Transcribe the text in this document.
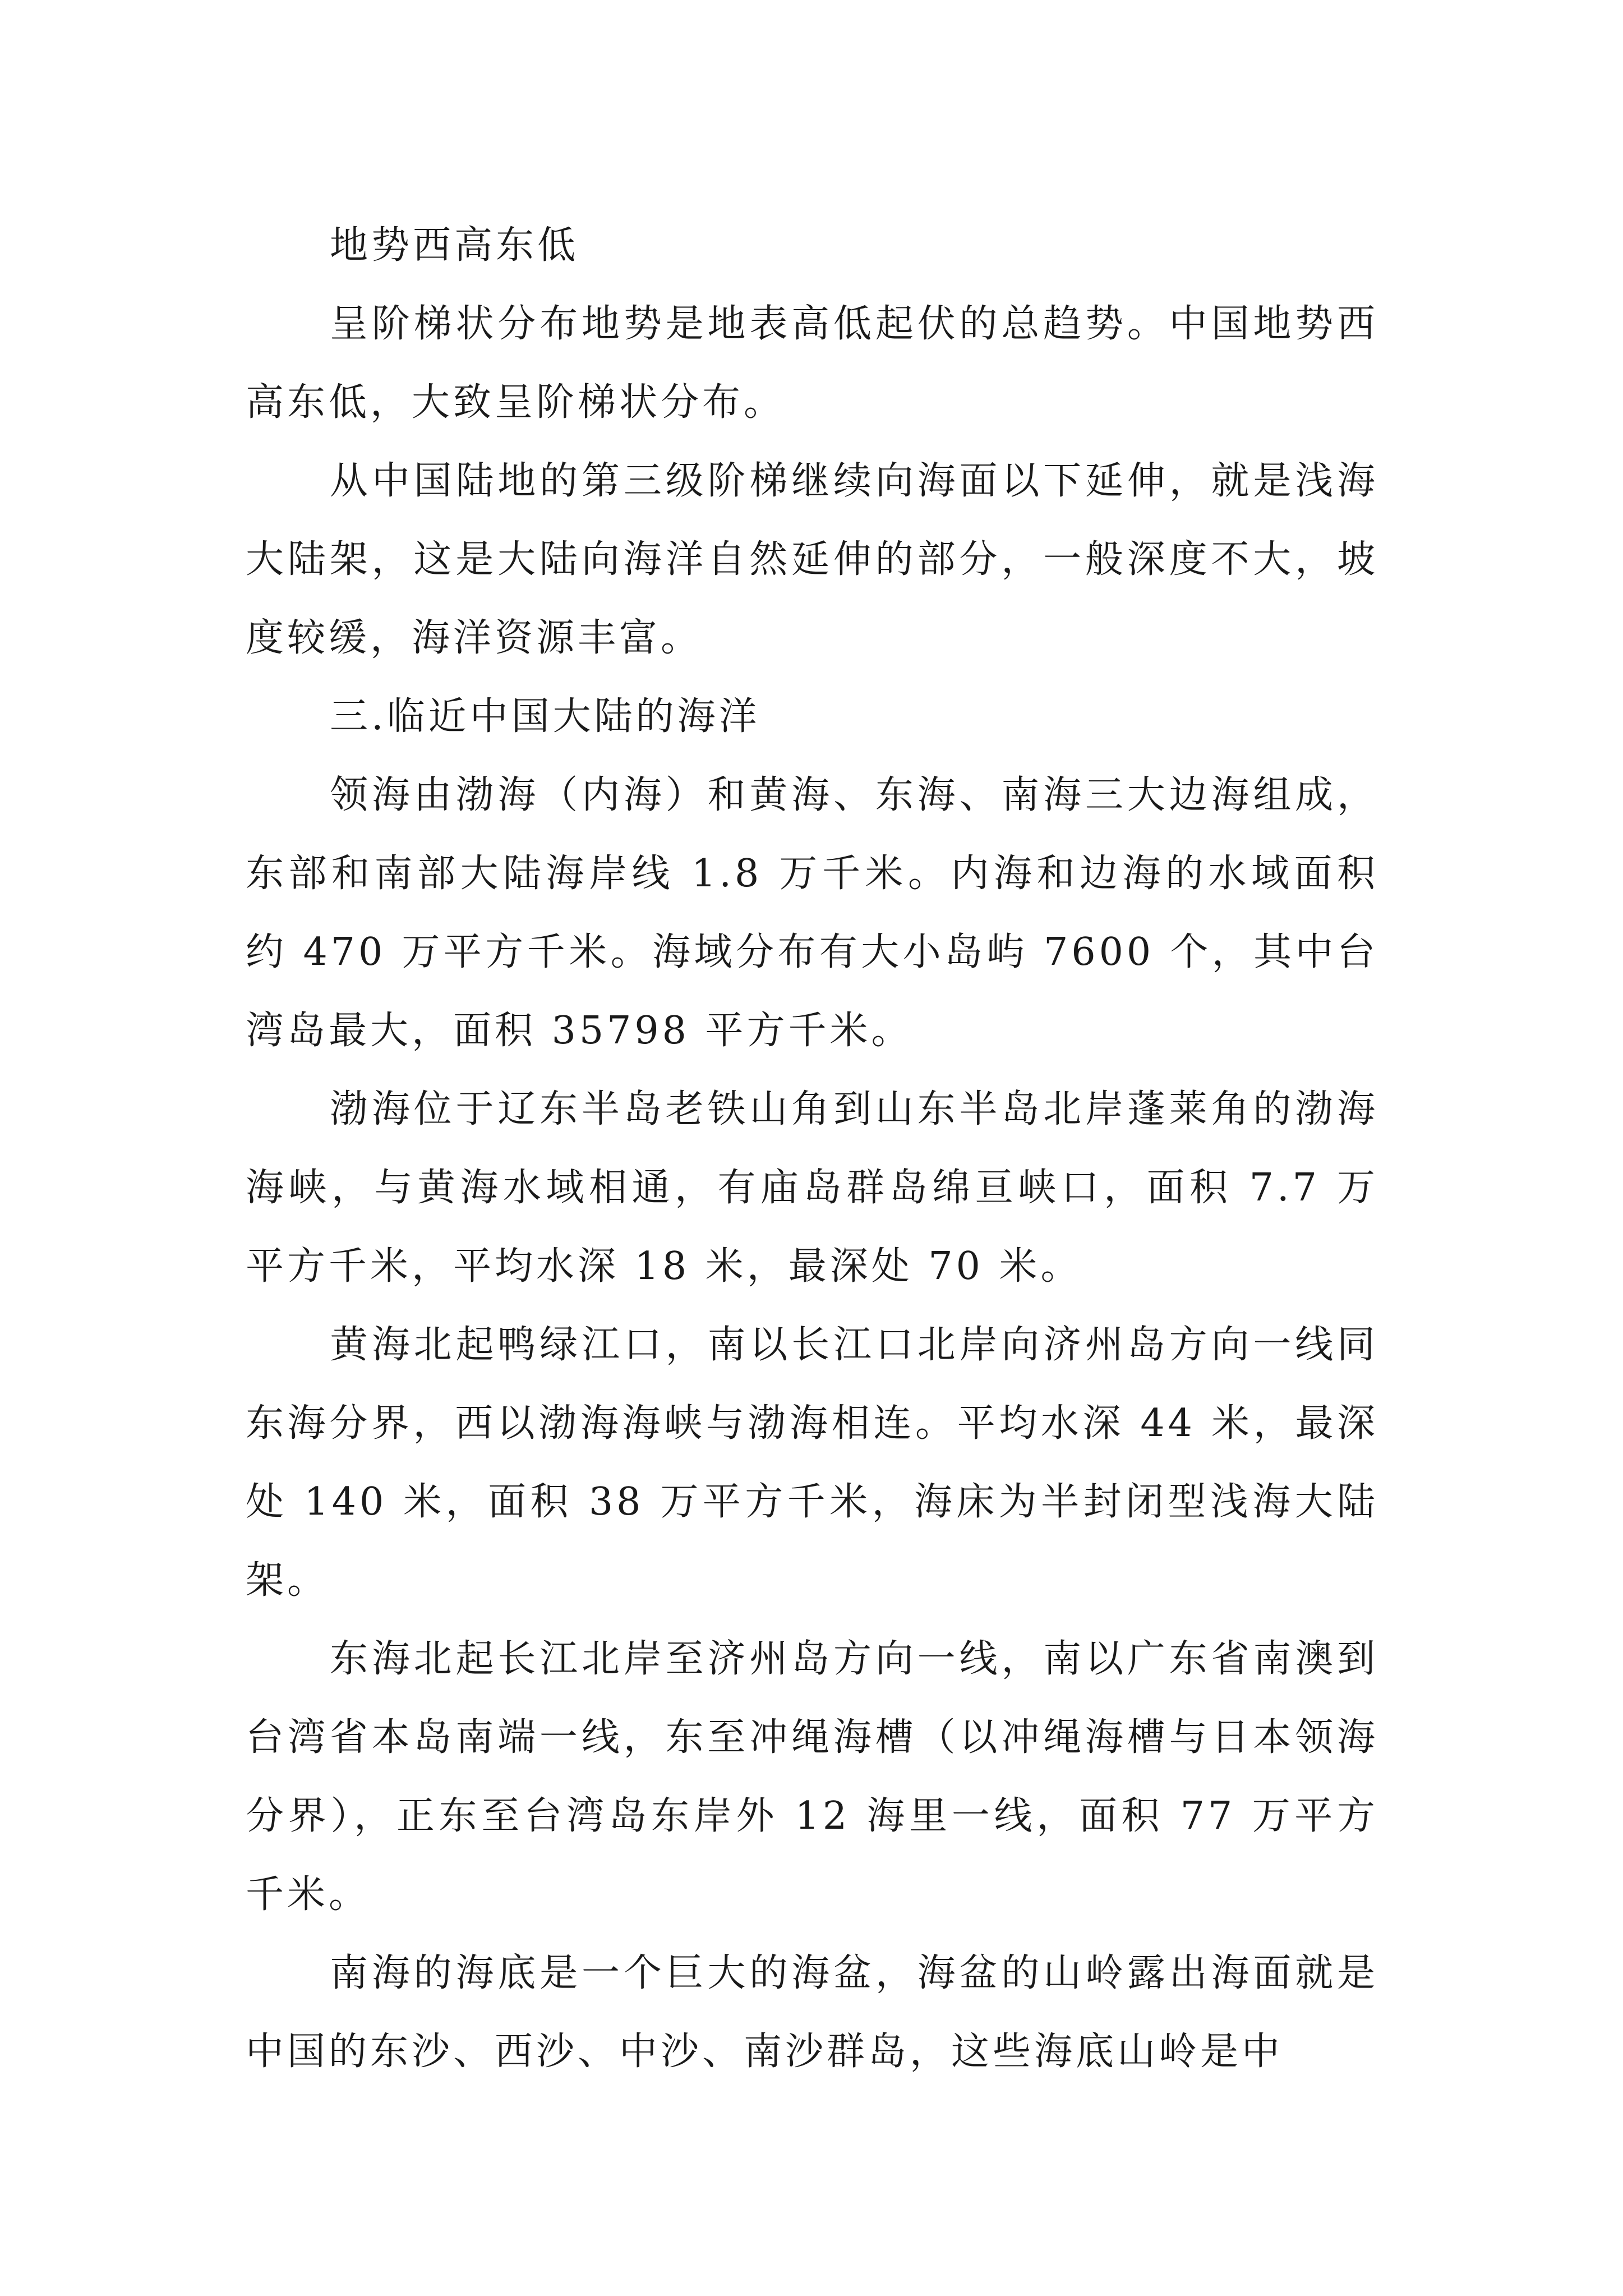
地势西高东低

呈阶梯状分布地势是地表高低起伏的总趋势。中国地势西高东低，大致呈阶梯状分布。

从中国陆地的第三级阶梯继续向海面以下延伸，就是浅海大陆架，这是大陆向海洋自然延伸的部分，一般深度不大，坡度较缓，海洋资源丰富。

三.临近中国大陆的海洋

领海由渤海（内海）和黄海、东海、南海三大边海组成，东部和南部大陆海岸线 1.8 万千米。内海和边海的水域面积约 470 万平方千米。海域分布有大小岛屿 7600 个，其中台湾岛最大，面积 35798 平方千米。

渤海位于辽东半岛老铁山角到山东半岛北岸蓬莱角的渤海海峡，与黄海水域相通，有庙岛群岛绵亘峡口，面积 7.7 万平方千米，平均水深 18 米，最深处 70 米。

黄海北起鸭绿江口，南以长江口北岸向济州岛方向一线同东海分界，西以渤海海峡与渤海相连。平均水深 44 米，最深处 140 米，面积 38 万平方千米，海床为半封闭型浅海大陆架。

东海北起长江北岸至济州岛方向一线，南以广东省南澳到台湾省本岛南端一线，东至冲绳海槽（以冲绳海槽与日本领海分界），正东至台湾岛东岸外 12 海里一线，面积 77 万平方千米。

南海的海底是一个巨大的海盆，海盆的山岭露出海面就是中国的东沙、西沙、中沙、南沙群岛，这些海底山岭是中
